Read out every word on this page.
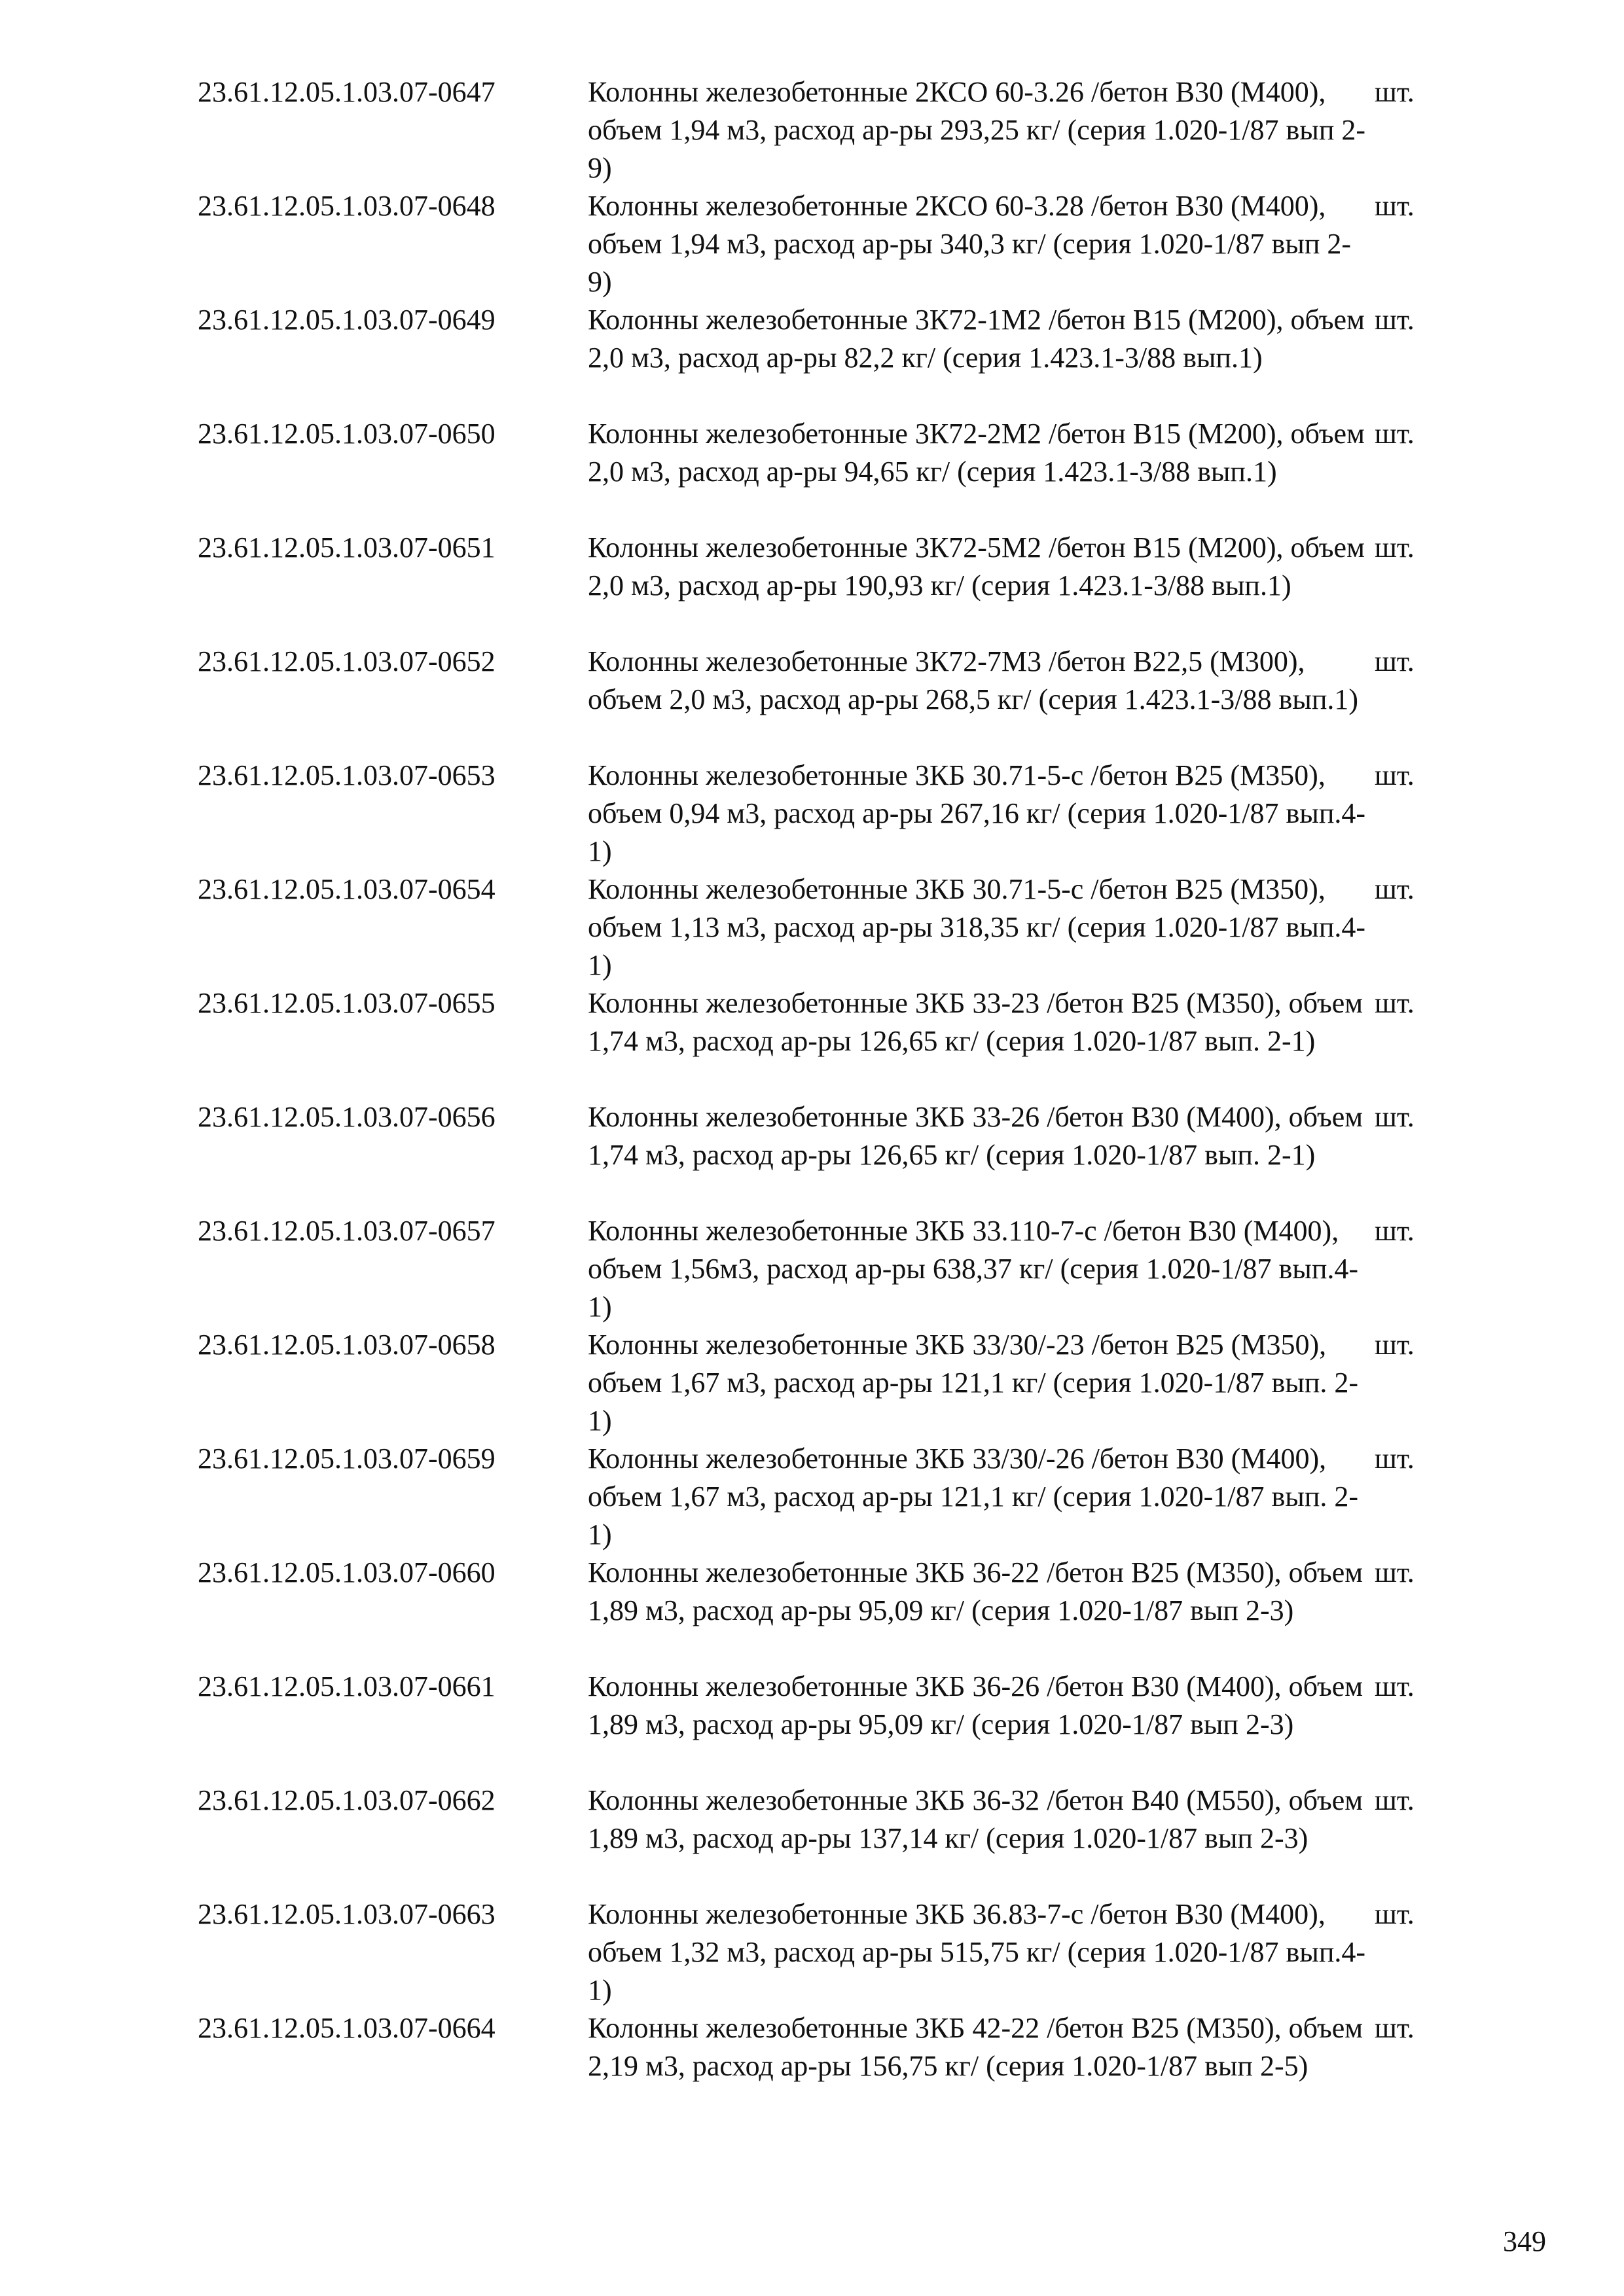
23.61.12.05.1.03.07-0647	Колонны железобетонные 2КСО 60-3.26 /бетон B30 (М400), объем 1,94 м3, расход ар-ры 293,25 кг/ (серия 1.020-1/87 вып 2-9)
шт.
23.61.12.05.1.03.07-0648	Колонны железобетонные 2КСО 60-3.28 /бетон B30 (М400), объем 1,94 м3, расход ар-ры 340,3 кг/ (серия 1.020-1/87 вып 2-9)
шт.
23.61.12.05.1.03.07-0649	Колонны железобетонные 3К72-1М2 /бетон B15 (М200), объем 2,0 м3, расход ар-ры 82,2 кг/ (серия 1.423.1-3/88 вып.1)
шт.
23.61.12.05.1.03.07-0650	Колонны железобетонные 3К72-2М2 /бетон B15 (М200), объем 2,0 м3, расход ар-ры 94,65 кг/ (серия 1.423.1-3/88 вып.1)
шт.
23.61.12.05.1.03.07-0651	Колонны железобетонные 3К72-5М2 /бетон B15 (М200), объем 2,0 м3, расход ар-ры 190,93 кг/ (серия 1.423.1-3/88 вып.1)
шт.
23.61.12.05.1.03.07-0652	Колонны железобетонные 3К72-7М3 /бетон B22,5 (М300), объем 2,0 м3, расход ар-ры 268,5 кг/ (серия 1.423.1-3/88 вып.1)
шт.
23.61.12.05.1.03.07-0653	Колонны железобетонные 3КБ 30.71-5-с /бетон B25 (М350), объем 0,94 м3, расход ар-ры 267,16 кг/ (серия 1.020-1/87 вып.4-1)
шт.
23.61.12.05.1.03.07-0654	Колонны железобетонные 3КБ 30.71-5-с /бетон B25 (М350), объем 1,13 м3, расход ар-ры 318,35 кг/ (серия 1.020-1/87 вып.4-1)
шт.
23.61.12.05.1.03.07-0655	Колонны железобетонные 3КБ 33-23 /бетон B25 (М350), объем 1,74 м3, расход ар-ры 126,65 кг/ (серия 1.020-1/87 вып. 2-1)
шт.
23.61.12.05.1.03.07-0656	Колонны железобетонные 3КБ 33-26 /бетон B30 (М400), объем 1,74 м3, расход ар-ры 126,65 кг/ (серия 1.020-1/87 вып. 2-1)
шт.
23.61.12.05.1.03.07-0657	Колонны железобетонные 3КБ 33.110-7-с /бетон B30 (М400), объем 1,56м3, расход ар-ры 638,37 кг/ (серия 1.020-1/87 вып.4-1)
шт.
23.61.12.05.1.03.07-0658	Колонны железобетонные 3КБ 33/30/-23 /бетон B25 (М350), объем 1,67 м3, расход ар-ры 121,1 кг/ (серия 1.020-1/87 вып. 2-1)
шт.
23.61.12.05.1.03.07-0659	Колонны железобетонные 3КБ 33/30/-26 /бетон B30 (М400), объем 1,67 м3, расход ар-ры 121,1 кг/ (серия 1.020-1/87 вып. 2-1)
шт.
23.61.12.05.1.03.07-0660	Колонны железобетонные 3КБ 36-22 /бетон B25 (М350), объем 1,89 м3, расход ар-ры 95,09 кг/ (серия 1.020-1/87 вып 2-3)
шт.
23.61.12.05.1.03.07-0661	Колонны железобетонные 3КБ 36-26 /бетон B30 (М400), объем 1,89 м3, расход ар-ры 95,09 кг/ (серия 1.020-1/87 вып 2-3)
шт.
23.61.12.05.1.03.07-0662	Колонны железобетонные 3КБ 36-32 /бетон B40 (М550), объем 1,89 м3, расход ар-ры 137,14 кг/ (серия 1.020-1/87 вып 2-3)
шт.
23.61.12.05.1.03.07-0663	Колонны железобетонные 3КБ 36.83-7-с /бетон B30 (М400), объем 1,32 м3, расход ар-ры 515,75 кг/ (серия 1.020-1/87 вып.4-1)
шт.
23.61.12.05.1.03.07-0664	Колонны железобетонные 3КБ 42-22 /бетон B25 (М350), объем 2,19 м3, расход ар-ры 156,75 кг/ (серия 1.020-1/87 вып 2-5)
шт.
349
